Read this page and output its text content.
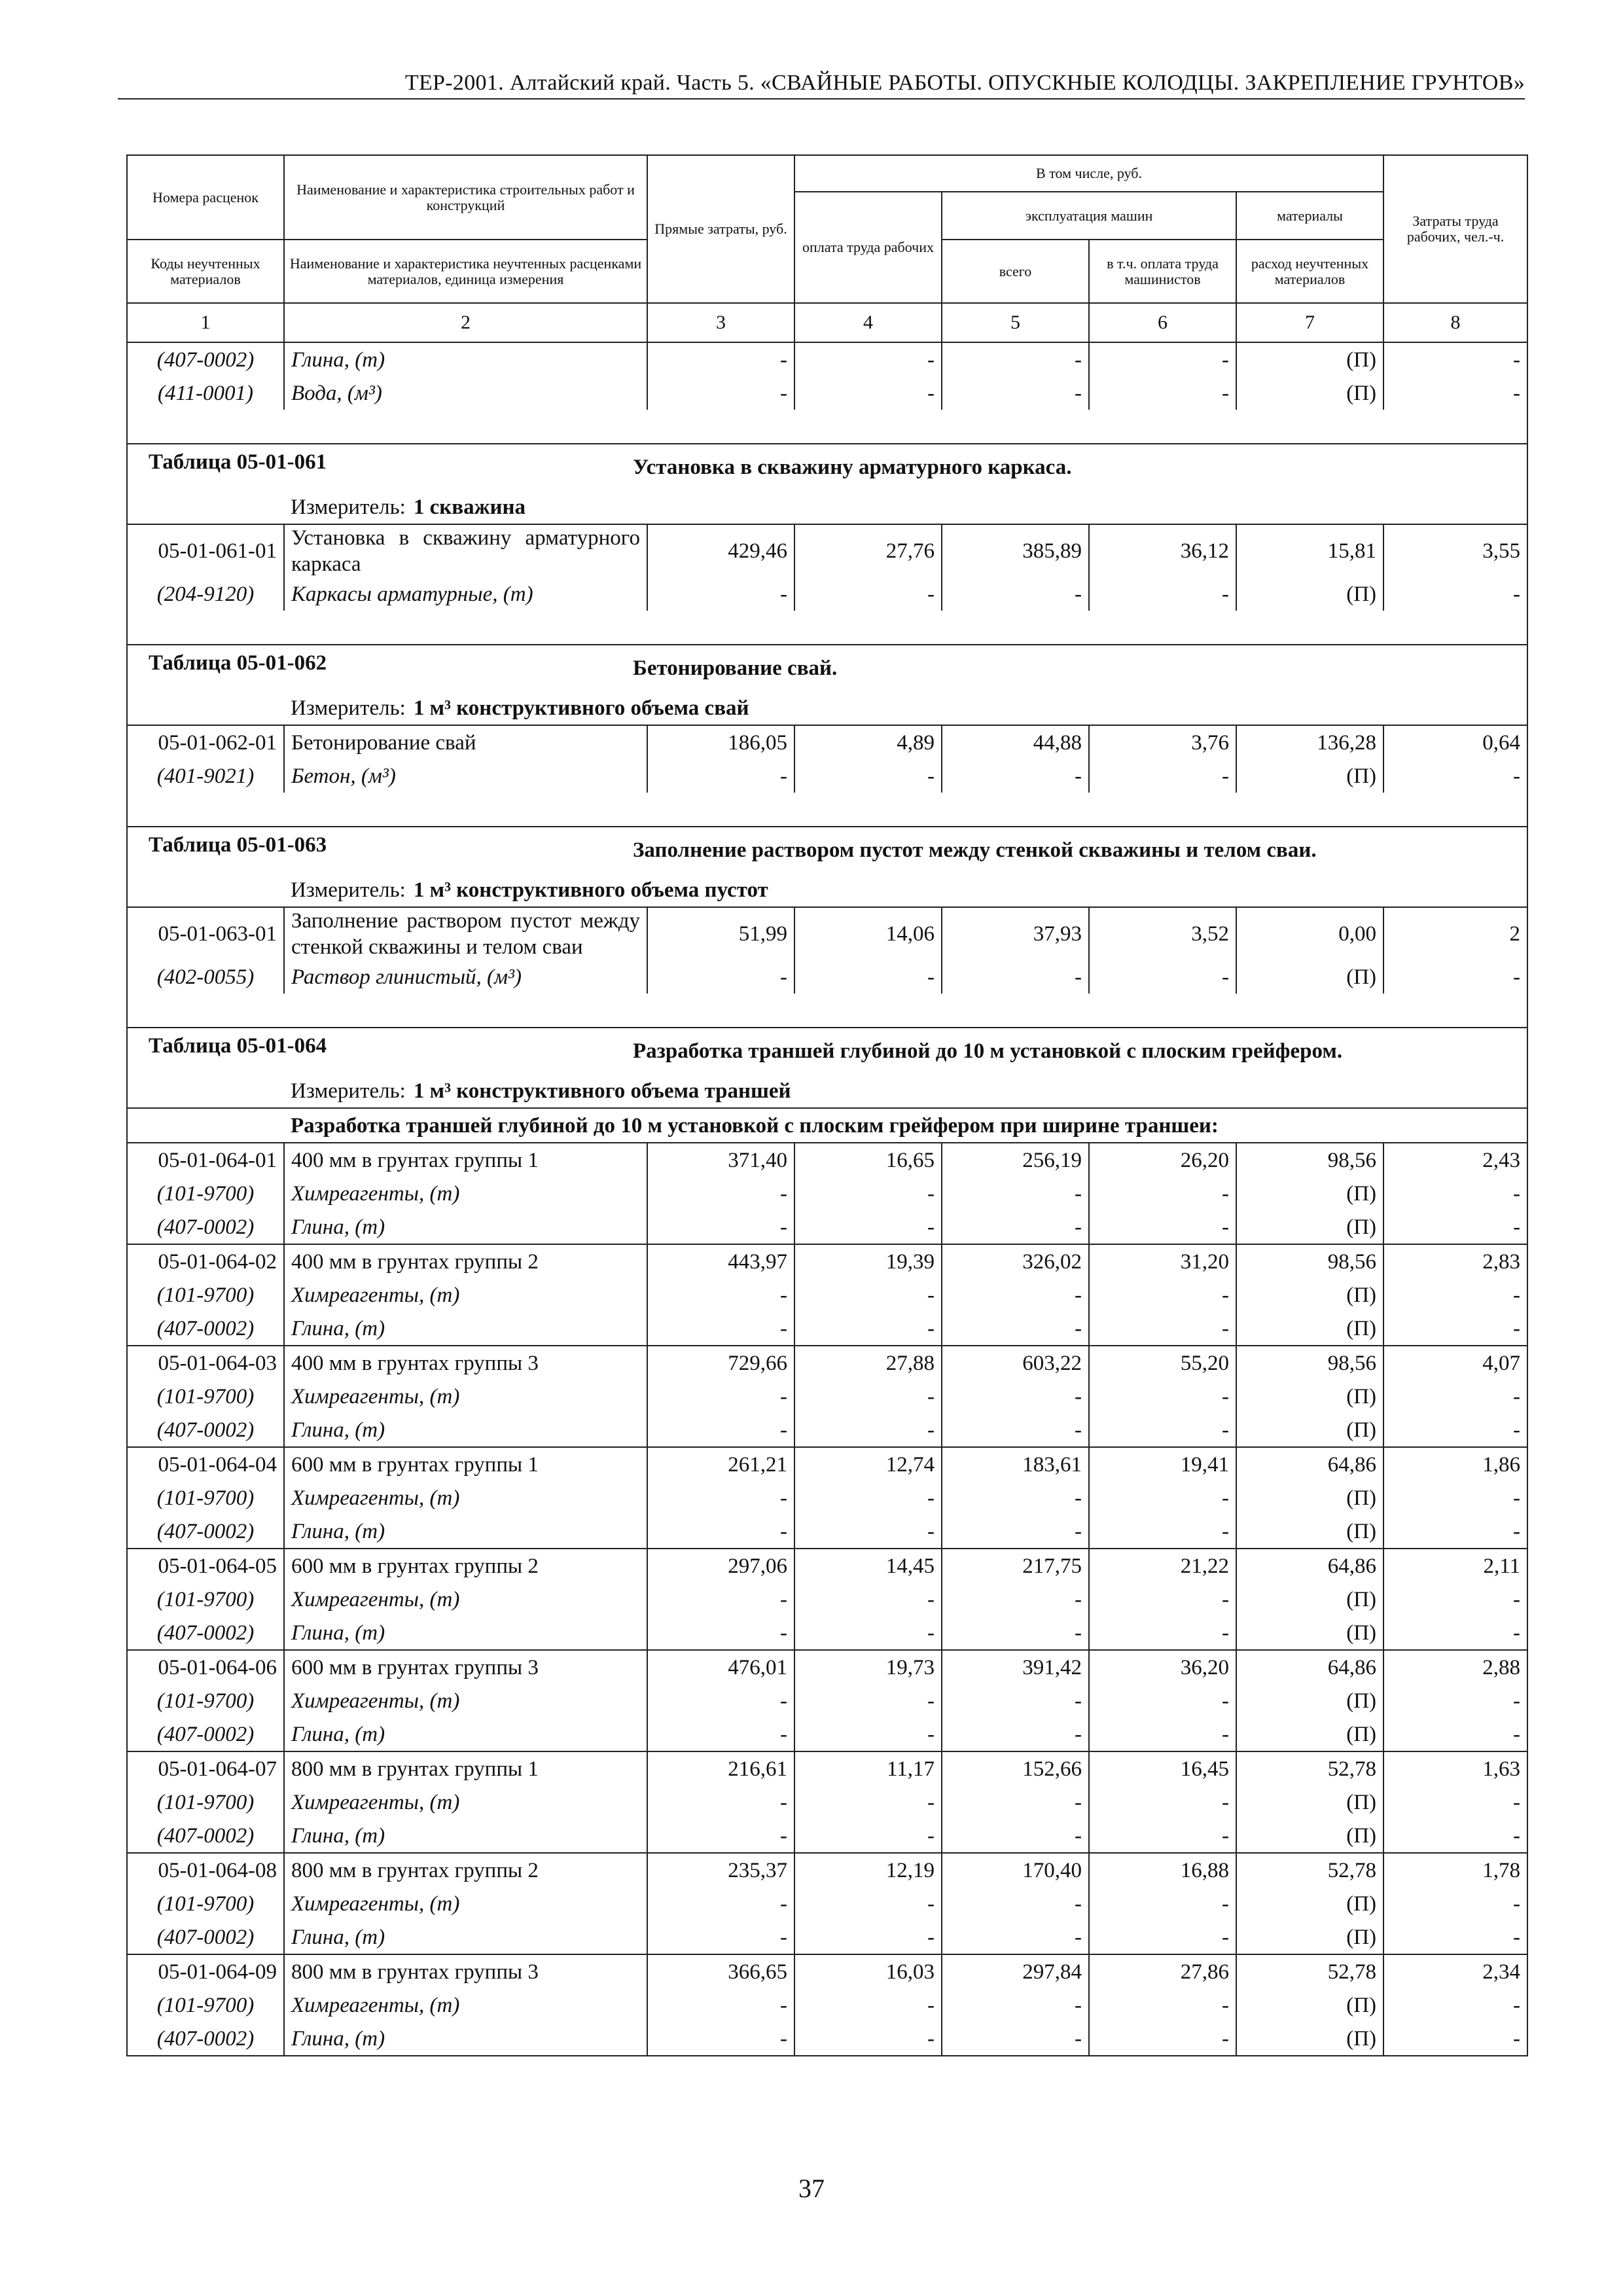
ТЕР-2001. Алтайский край. Часть 5. «СВАЙНЫЕ РАБОТЫ. ОПУСКНЫЕ КОЛОДЦЫ. ЗАКРЕПЛЕНИЕ ГРУНТОВ»
Номера расценок	Наименование и характеристика строительных работ и конструкций	Прямые затраты, руб.	В том числе, руб.				Затраты труда рабочих, чел.-ч.
			оплата труда рабочих	эксплуатация машин		материалы	
Коды неучтенных материалов	Наименование и характеристика неучтенных расценками материалов, единица измерения			всего	в т.ч. оплата труда машинистов	расход неучтенных материалов	
1	2	3	4	5	6	7	8
(407-0002)	Глина, (т)	-	-	-	-	(П)	-
(411-0001)	Вода, (м³)	-	-	-	-	(П)	-

Таблица 05-01-061 Установка в скважину арматурного каркаса.							
	Измеритель: 1 скважина						
05-01-061-01	Установка в скважину арматурного каркаса	429,46	27,76	385,89	36,12	15,81	3,55
(204-9120)	Каркасы арматурные, (т)	-	-	-	-	(П)	-

Таблица 05-01-062 Бетонирование свай.							
	Измеритель: 1 м³ конструктивного объема свай						
05-01-062-01	Бетонирование свай	186,05	4,89	44,88	3,76	136,28	0,64
(401-9021)	Бетон, (м³)	-	-	-	-	(П)	-

Таблица 05-01-063 Заполнение раствором пустот между стенкой скважины и телом сваи.							
	Измеритель: 1 м³ конструктивного объема пустот						
05-01-063-01	Заполнение раствором пустот между стенкой скважины и телом сваи	51,99	14,06	37,93	3,52	0,00	2
(402-0055)	Раствор глинистый, (м³)	-	-	-	-	(П)	-

Таблица 05-01-064 Разработка траншей глубиной до 10 м установкой с плоским грейфером.							
	Измеритель: 1 м³ конструктивного объема траншей						
	Разработка траншей глубиной до 10 м установкой с плоским грейфером при ширине траншеи:						
05-01-064-01	400 мм в грунтах группы 1	371,40	16,65	256,19	26,20	98,56	2,43
(101-9700)	Химреагенты, (т)	-	-	-	-	(П)	-
(407-0002)	Глина, (т)	-	-	-	-	(П)	-
05-01-064-02	400 мм в грунтах группы 2	443,97	19,39	326,02	31,20	98,56	2,83
(101-9700)	Химреагенты, (т)	-	-	-	-	(П)	-
(407-0002)	Глина, (т)	-	-	-	-	(П)	-
05-01-064-03	400 мм в грунтах группы 3	729,66	27,88	603,22	55,20	98,56	4,07
(101-9700)	Химреагенты, (т)	-	-	-	-	(П)	-
(407-0002)	Глина, (т)	-	-	-	-	(П)	-
05-01-064-04	600 мм в грунтах группы 1	261,21	12,74	183,61	19,41	64,86	1,86
(101-9700)	Химреагенты, (т)	-	-	-	-	(П)	-
(407-0002)	Глина, (т)	-	-	-	-	(П)	-
05-01-064-05	600 мм в грунтах группы 2	297,06	14,45	217,75	21,22	64,86	2,11
(101-9700)	Химреагенты, (т)	-	-	-	-	(П)	-
(407-0002)	Глина, (т)	-	-	-	-	(П)	-
05-01-064-06	600 мм в грунтах группы 3	476,01	19,73	391,42	36,20	64,86	2,88
(101-9700)	Химреагенты, (т)	-	-	-	-	(П)	-
(407-0002)	Глина, (т)	-	-	-	-	(П)	-
05-01-064-07	800 мм в грунтах группы 1	216,61	11,17	152,66	16,45	52,78	1,63
(101-9700)	Химреагенты, (т)	-	-	-	-	(П)	-
(407-0002)	Глина, (т)	-	-	-	-	(П)	-
05-01-064-08	800 мм в грунтах группы 2	235,37	12,19	170,40	16,88	52,78	1,78
(101-9700)	Химреагенты, (т)	-	-	-	-	(П)	-
(407-0002)	Глина, (т)	-	-	-	-	(П)	-
05-01-064-09	800 мм в грунтах группы 3	366,65	16,03	297,84	27,86	52,78	2,34
(101-9700)	Химреагенты, (т)	-	-	-	-	(П)	-
(407-0002)	Глина, (т)	-	-	-	-	(П)	-
37
